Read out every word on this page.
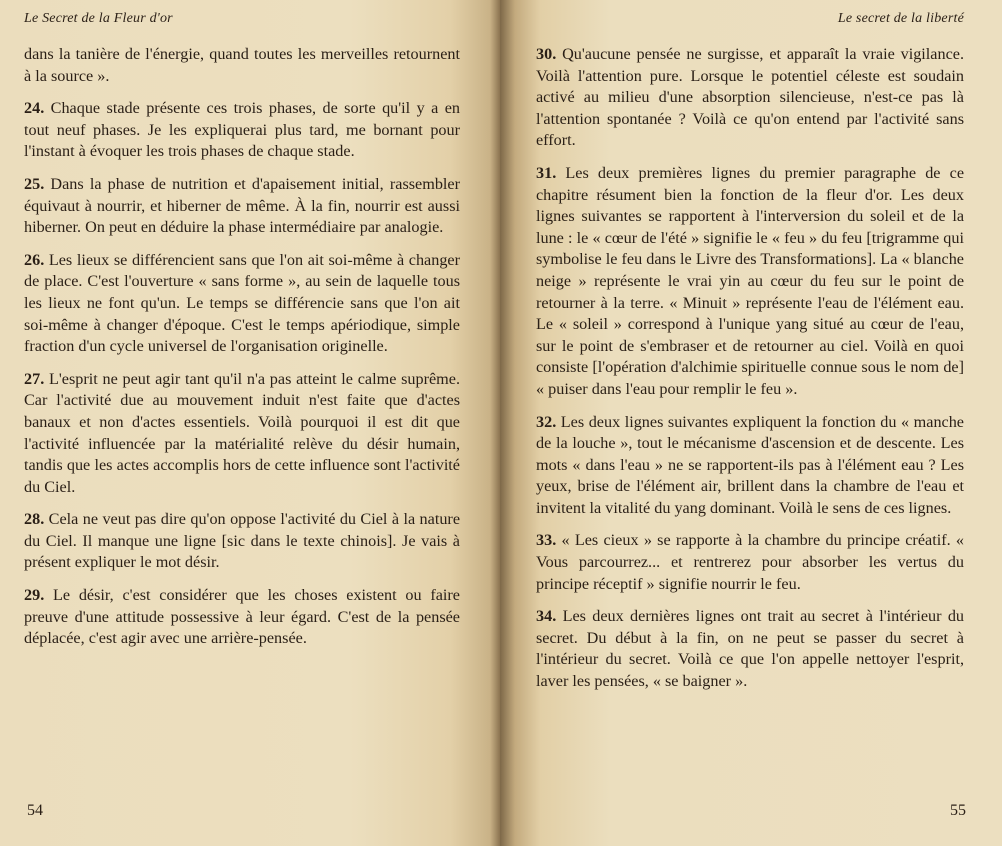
Le Secret de la Fleur d'or

dans la tanière de l'énergie, quand toutes les merveilles retournent à la source ».

24. Chaque stade présente ces trois phases, de sorte qu'il y a en tout neuf phases. Je les expliquerai plus tard, me bornant pour l'instant à évoquer les trois phases de chaque stade.

25. Dans la phase de nutrition et d'apaisement initial, rassembler équivaut à nourrir, et hiberner de même. À la fin, nourrir est aussi hiberner. On peut en déduire la phase intermédiaire par analogie.

26. Les lieux se différencient sans que l'on ait soi-même à changer de place. C'est l'ouverture « sans forme », au sein de laquelle tous les lieux ne font qu'un. Le temps se différencie sans que l'on ait soi-même à changer d'époque. C'est le temps apériodique, simple fraction d'un cycle universel de l'organisation originelle.

27. L'esprit ne peut agir tant qu'il n'a pas atteint le calme suprême. Car l'activité due au mouvement induit n'est faite que d'actes banaux et non d'actes essentiels. Voilà pourquoi il est dit que l'activité influencée par la matérialité relève du désir humain, tandis que les actes accomplis hors de cette influence sont l'activité du Ciel.

28. Cela ne veut pas dire qu'on oppose l'activité du Ciel à la nature du Ciel. Il manque une ligne [sic dans le texte chinois]. Je vais à présent expliquer le mot désir.

29. Le désir, c'est considérer que les choses existent ou faire preuve d'une attitude possessive à leur égard. C'est de la pensée déplacée, c'est agir avec une arrière-pensée.

54
Le secret de la liberté

30. Qu'aucune pensée ne surgisse, et apparaît la vraie vigilance. Voilà l'attention pure. Lorsque le potentiel céleste est soudain activé au milieu d'une absorption silencieuse, n'est-ce pas là l'attention spontanée ? Voilà ce qu'on entend par l'activité sans effort.

31. Les deux premières lignes du premier paragraphe de ce chapitre résument bien la fonction de la fleur d'or. Les deux lignes suivantes se rapportent à l'interversion du soleil et de la lune : le « cœur de l'été » signifie le « feu » du feu [trigramme qui symbolise le feu dans le Livre des Transformations]. La « blanche neige » représente le vrai yin au cœur du feu sur le point de retourner à la terre. « Minuit » représente l'eau de l'élément eau. Le « soleil » correspond à l'unique yang situé au cœur de l'eau, sur le point de s'embraser et de retourner au ciel. Voilà en quoi consiste [l'opération d'alchimie spirituelle connue sous le nom de] « puiser dans l'eau pour remplir le feu ».

32. Les deux lignes suivantes expliquent la fonction du « manche de la louche », tout le mécanisme d'ascension et de descente. Les mots « dans l'eau » ne se rapportent-ils pas à l'élément eau ? Les yeux, brise de l'élément air, brillent dans la chambre de l'eau et invitent la vitalité du yang dominant. Voilà le sens de ces lignes.

33. « Les cieux » se rapporte à la chambre du principe créatif. « Vous parcourrez... et rentrerez pour absorber les vertus du principe réceptif » signifie nourrir le feu.

34. Les deux dernières lignes ont trait au secret à l'intérieur du secret. Du début à la fin, on ne peut se passer du secret à l'intérieur du secret. Voilà ce que l'on appelle nettoyer l'esprit, laver les pensées, « se baigner ».

55
